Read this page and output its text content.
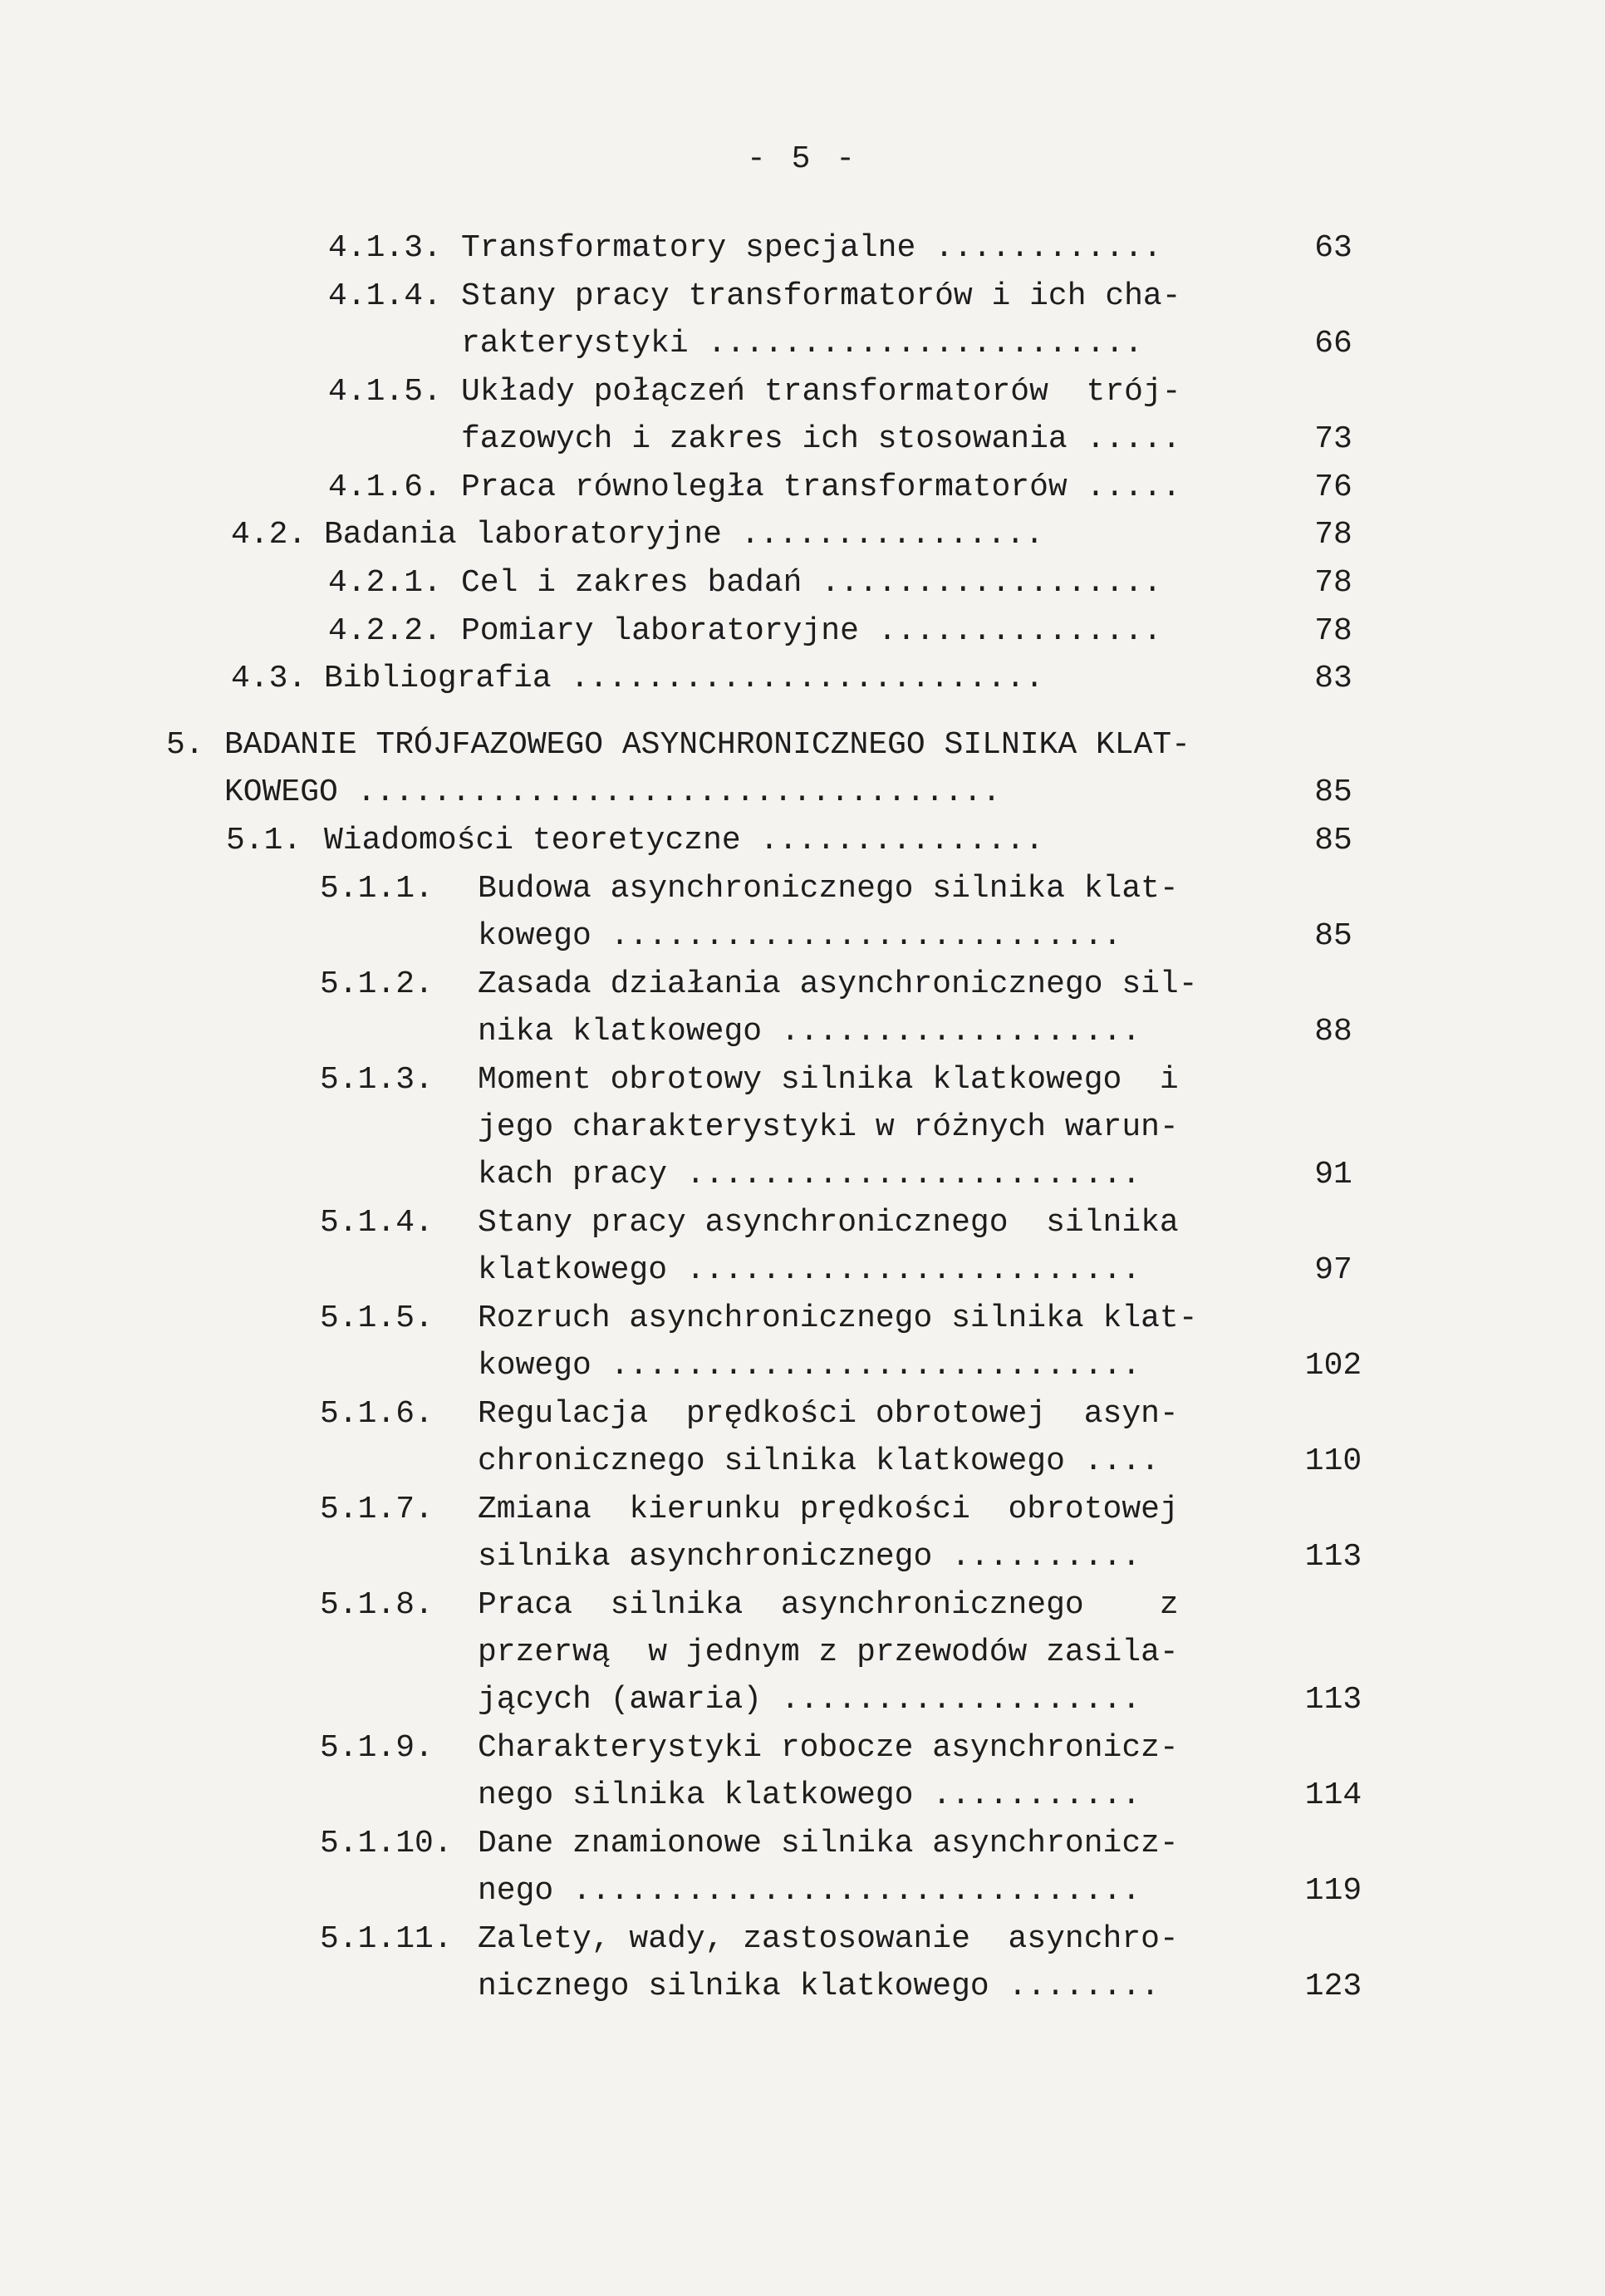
- 5 -
4.1.3. Transformatory specjalne ............	63
4.1.4. Stany pracy transformatorów i ich cha-
rakterystyki .......................	66
4.1.5. Układy połączeń transformatorów  trój-
fazowych i zakres ich stosowania .....	73
4.1.6. Praca równoległa transformatorów .....	76
4.2. Badania laboratoryjne ................	78
4.2.1. Cel i zakres badań ..................	78
4.2.2. Pomiary laboratoryjne ...............	78
4.3. Bibliografia .........................	83
5. BADANIE TRÓJFAZOWEGO ASYNCHRONICZNEGO SILNIKA KLAT-
KOWEGO ..................................	85
5.1. Wiadomości teoretyczne ...............	85
5.1.1. Budowa asynchronicznego silnika klat-
kowego ...........................	85
5.1.2. Zasada działania asynchronicznego sil-
nika klatkowego ...................	88
5.1.3. Moment obrotowy silnika klatkowego  i
jego charakterystyki w różnych warun-
kach pracy ........................	91
5.1.4. Stany pracy asynchronicznego  silnika
klatkowego ........................	97
5.1.5. Rozruch asynchronicznego silnika klat-
kowego ............................	102
5.1.6. Regulacja  prędkości obrotowej  asyn-
chronicznego silnika klatkowego ....	110
5.1.7. Zmiana  kierunku prędkości  obrotowej
silnika asynchronicznego ..........	113
5.1.8. Praca  silnika  asynchronicznego    z
przerwą  w jednym z przewodów zasila-
jących (awaria) ...................	113
5.1.9. Charakterystyki robocze asynchronicz-
nego silnika klatkowego ...........	114
5.1.10. Dane znamionowe silnika asynchronicz-
nego ..............................	119
5.1.11. Zalety, wady, zastosowanie  asynchro-
nicznego silnika klatkowego ........	123
